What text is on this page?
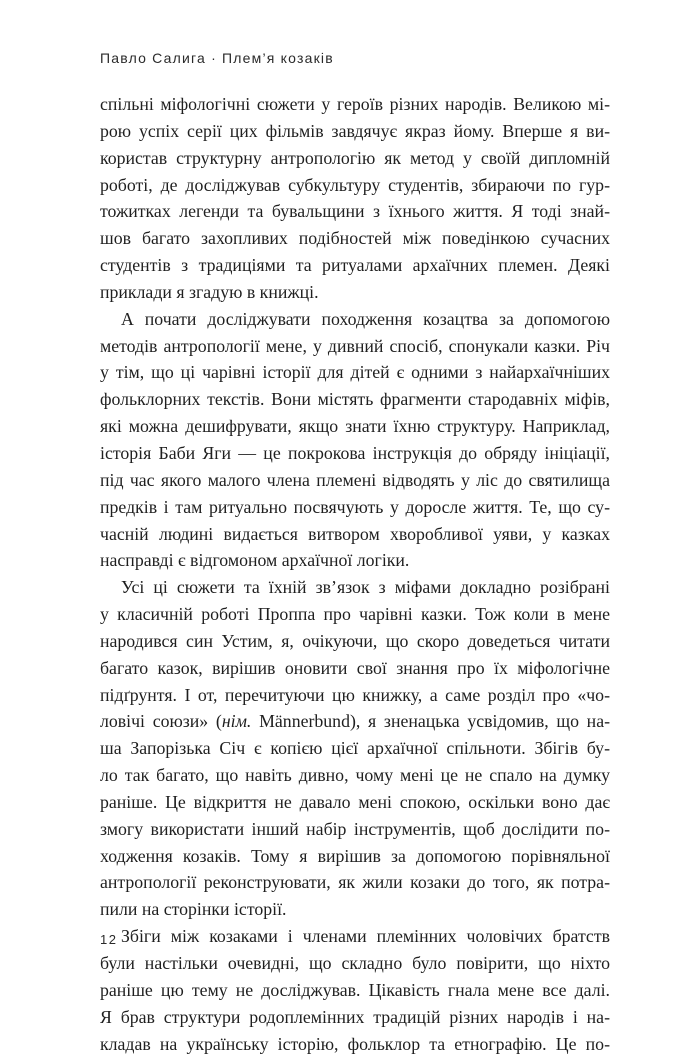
Павло Салига · Плем’я козаків
спільні міфологічні сюжети у героїв різних народів. Великою мі-
рою успіх серії цих фільмів завдячує якраз йому. Вперше я ви-
користав структурну антропологію як метод у своїй дипломній
роботі, де досліджував субкультуру студентів, збираючи по гур-
тожитках легенди та бувальщини з їхнього життя. Я тоді знай-
шов багато захопливих подібностей між поведінкою сучасних
студентів з традиціями та ритуалами архаїчних племен. Деякі
приклади я згадую в книжці.
А почати досліджувати походження козацтва за допомогою
методів антропології мене, у дивний спосіб, спонукали казки. Річ
у тім, що ці чарівні історії для дітей є одними з найархаїчніших
фольклорних текстів. Вони містять фрагменти стародавніх міфів,
які можна дешифрувати, якщо знати їхню структуру. Наприклад,
історія Баби Яги — це покрокова інструкція до обряду ініціації,
під час якого малого члена племені відводять у ліс до святилища
предків і там ритуально посвячують у доросле життя. Те, що су-
часній людині видається витвором хворобливої уяви, у казках
насправді є відгомоном архаїчної логіки.
Усі ці сюжети та їхній зв’язок з міфами докладно розібрані
у класичній роботі Проппа про чарівні казки. Тож коли в мене
народився син Устим, я, очікуючи, що скоро доведеться читати
багато казок, вирішив оновити свої знання про їх міфологічне
підґрунтя. І от, перечитуючи цю книжку, а саме розділ про «чо-
ловічі союзи» (нім. Männerbund), я зненацька усвідомив, що на-
ша Запорізька Січ є копією цієї архаїчної спільноти. Збігів бу-
ло так багато, що навіть дивно, чому мені це не спало на думку
раніше. Це відкриття не давало мені спокою, оскільки воно дає
змогу використати інший набір інструментів, щоб дослідити по-
ходження козаків. Тому я вирішив за допомогою порівняльної
антропології реконструювати, як жили козаки до того, як потра-
пили на сторінки історії.
Збіги між козаками і членами племінних чоловічих братств
були настільки очевидні, що складно було повірити, що ніхто
раніше цю тему не досліджував. Цікавість гнала мене все далі.
Я брав структури родоплемінних традицій різних народів і на-
кладав на українську історію, фольклор та етнографію. Це по-
12
